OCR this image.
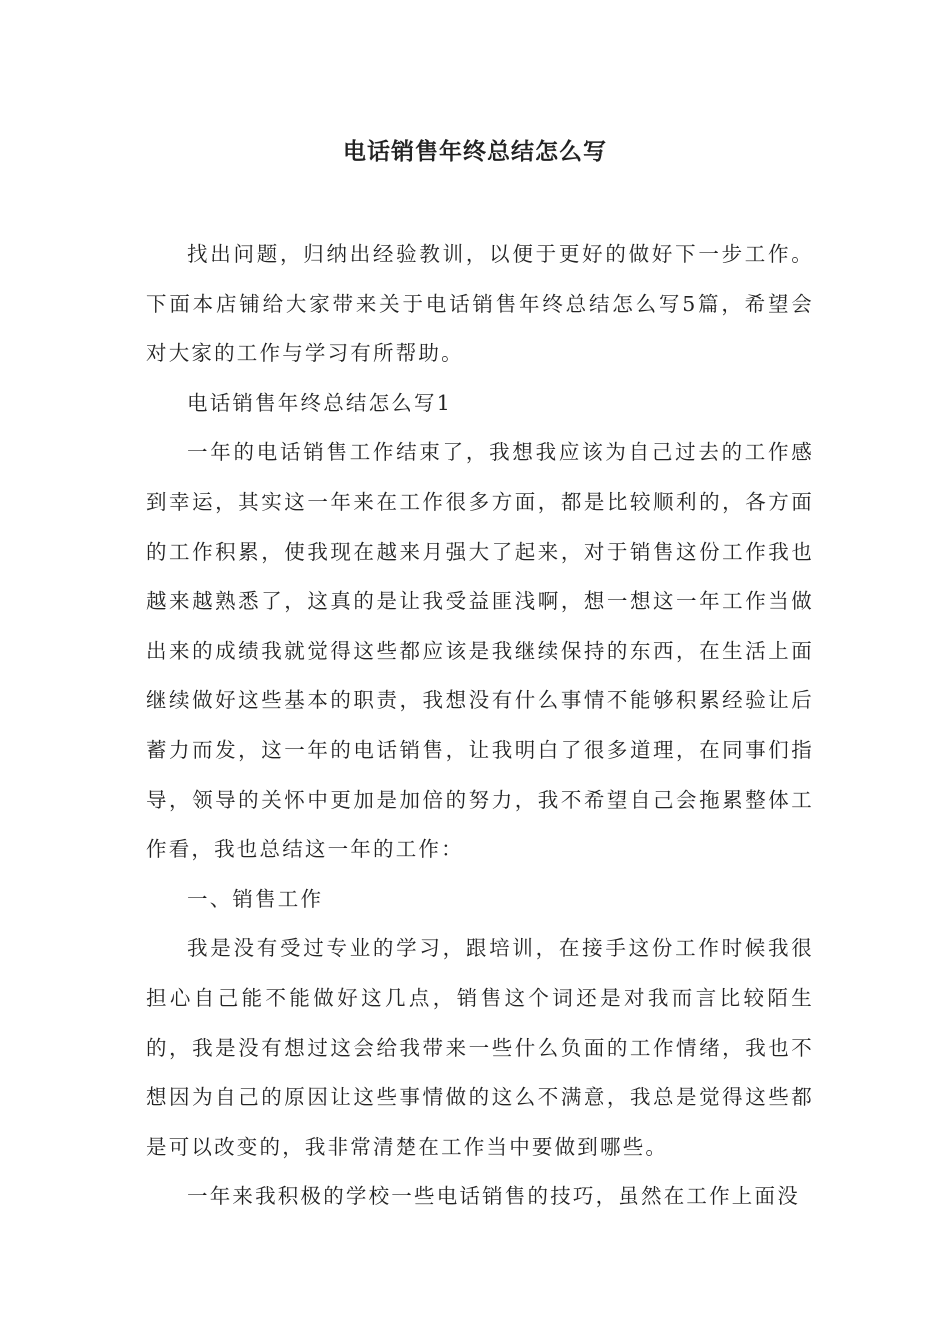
电话销售年终总结怎么写

找出问题，归纳出经验教训，以便于更好的做好下一步工作。下面本店铺给大家带来关于电话销售年终总结怎么写5篇，希望会对大家的工作与学习有所帮助。

电话销售年终总结怎么写1

一年的电话销售工作结束了，我想我应该为自己过去的工作感到幸运，其实这一年来在工作很多方面，都是比较顺利的，各方面的工作积累，使我现在越来月强大了起来，对于销售这份工作我也越来越熟悉了，这真的是让我受益匪浅啊，想一想这一年工作当做出来的成绩我就觉得这些都应该是我继续保持的东西，在生活上面继续做好这些基本的职责，我想没有什么事情不能够积累经验让后蓄力而发，这一年的电话销售，让我明白了很多道理，在同事们指导，领导的关怀中更加是加倍的努力，我不希望自己会拖累整体工作看，我也总结这一年的工作：

一、销售工作

我是没有受过专业的学习，跟培训，在接手这份工作时候我很担心自己能不能做好这几点，销售这个词还是对我而言比较陌生的，我是没有想过这会给我带来一些什么负面的工作情绪，我也不想因为自己的原因让这些事情做的这么不满意，我总是觉得这些都是可以改变的，我非常清楚在工作当中要做到哪些。

一年来我积极的学校一些电话销售的技巧，虽然在工作上面没
